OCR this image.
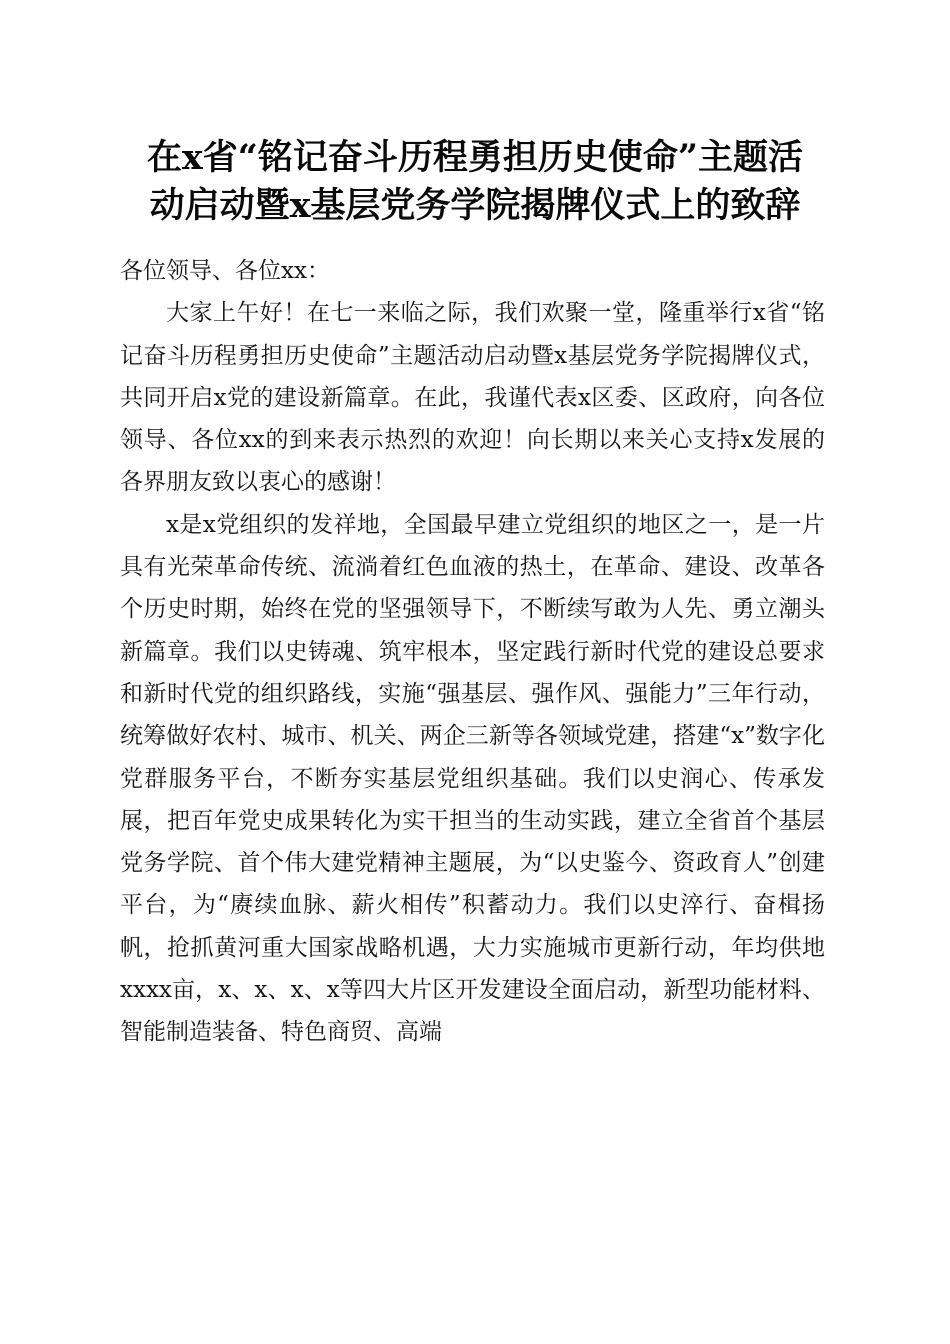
在x省“铭记奋斗历程勇担历史使命”主题活
动启动暨x基层党务学院揭牌仪式上的致辞

各位领导、各位xx：

大家上午好！在七一来临之际，我们欢聚一堂，隆重举行x省“铭记奋斗历程勇担历史使命”主题活动启动暨x基层党务学院揭牌仪式，共同开启x党的建设新篇章。在此，我谨代表x区委、区政府，向各位领导、各位xx的到来表示热烈的欢迎！向长期以来关心支持x发展的各界朋友致以衷心的感谢！

x是x党组织的发祥地，全国最早建立党组织的地区之一，是一片具有光荣革命传统、流淌着红色血液的热土，在革命、建设、改革各个历史时期，始终在党的坚强领导下，不断续写敢为人先、勇立潮头新篇章。我们以史铸魂、筑牢根本，坚定践行新时代党的建设总要求和新时代党的组织路线，实施“强基层、强作风、强能力”三年行动，统筹做好农村、城市、机关、两企三新等各领域党建，搭建“x”数字化党群服务平台，不断夯实基层党组织基础。我们以史润心、传承发展，把百年党史成果转化为实干担当的生动实践，建立全省首个基层党务学院、首个伟大建党精神主题展，为“以史鉴今、资政育人”创建平台，为“赓续血脉、薪火相传”积蓄动力。我们以史淬行、奋楫扬帆，抢抓黄河重大国家战略机遇，大力实施城市更新行动，年均供地xxxx亩，x、x、x、x等四大片区开发建设全面启动，新型功能材料、智能制造装备、特色商贸、高端
